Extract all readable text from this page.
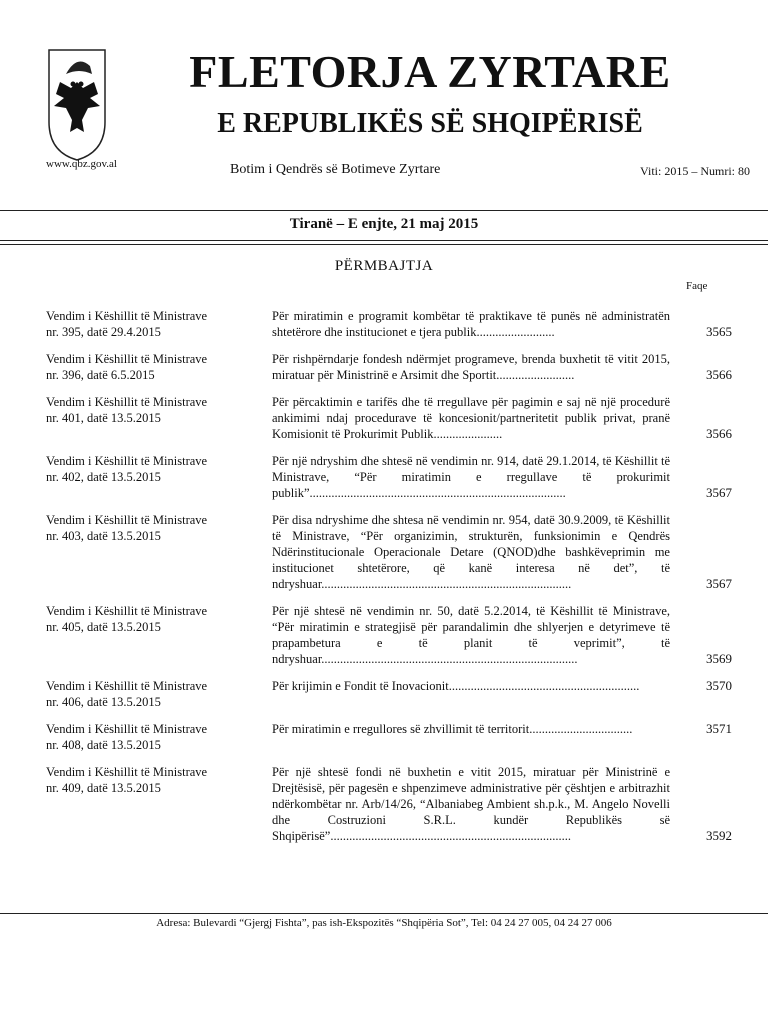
www.qbz.gov.al
FLETORJA ZYRTARE
E REPUBLIKËS SË SHQIPËRISË
Botim i Qendrës së Botimeve Zyrtare	Viti: 2015 – Numri: 80
Tiranë – E enjte, 21 maj 2015
PËRMBAJTJA
Faqe
Vendim i Këshillit të Ministrave
nr. 395, datë 29.4.2015
Për miratimin e programit kombëtar të praktikave të punës në administratën shtetërore dhe institucionet e tjera publik.........................	3565
Vendim i Këshillit të Ministrave
nr. 396, datë 6.5.2015
Për rishpërndarje fondesh ndërmjet programeve, brenda buxhetit të vitit 2015, miratuar për Ministrinë e Arsimit dhe Sportit.........................	3566
Vendim i Këshillit të Ministrave
nr. 401, datë 13.5.2015
Për përcaktimin e tarifës dhe të rregullave për pagimin e saj në një procedurë ankimimi ndaj procedurave të koncesionit/partneritetit publik privat, pranë Komisionit të Prokurimit Publik......................	3566
Vendim i Këshillit të Ministrave
nr. 402, datë 13.5.2015
Për një ndryshim dhe shtesë në vendimin nr. 914, datë 29.1.2014, të Këshillit të Ministrave, “Për miratimin e rregullave të prokurimit publik”..................................................................................	3567
Vendim i Këshillit të Ministrave
nr. 403, datë 13.5.2015
Për disa ndryshime dhe shtesa në vendimin nr. 954, datë 30.9.2009, të Këshillit të Ministrave, “Për organizimin, strukturën, funksionimin e Qendrës Ndërinstitucionale Operacionale Detare (QNOD)dhe bashkëveprimin me institucionet shtetërore, që kanë interesa në det”, të ndryshuar................................................................................	3567
Vendim i Këshillit të Ministrave
nr. 405, datë 13.5.2015
Për një shtesë në vendimin nr. 50, datë 5.2.2014, të Këshillit të Ministrave, “Për miratimin e strategjisë për parandalimin dhe shlyerjen e detyrimeve të prapambetura e të planit të veprimit”, të ndryshuar..................................................................................	3569
Vendim i Këshillit të Ministrave
nr. 406, datë 13.5.2015
Për krijimin e Fondit të Inovacionit.............................................................	3570
Vendim i Këshillit të Ministrave
nr. 408, datë 13.5.2015
Për miratimin e rregullores së zhvillimit të territorit.................................	3571
Vendim i Këshillit të Ministrave
nr. 409, datë 13.5.2015
Për një shtesë fondi në buxhetin e vitit 2015, miratuar për Ministrinë e Drejtësisë, për pagesën e shpenzimeve administrative për çështjen e arbitrazhit ndërkombëtar nr. Arb/14/26, “Albaniabeg Ambient sh.p.k., M. Angelo Novelli dhe Costruzioni S.R.L. kundër Republikës së Shqipërisë”.............................................................................	3592
Adresa: Bulevardi “Gjergj Fishta”, pas ish-Ekspozitës “Shqipëria Sot”, Tel: 04 24 27 005, 04 24 27 006
